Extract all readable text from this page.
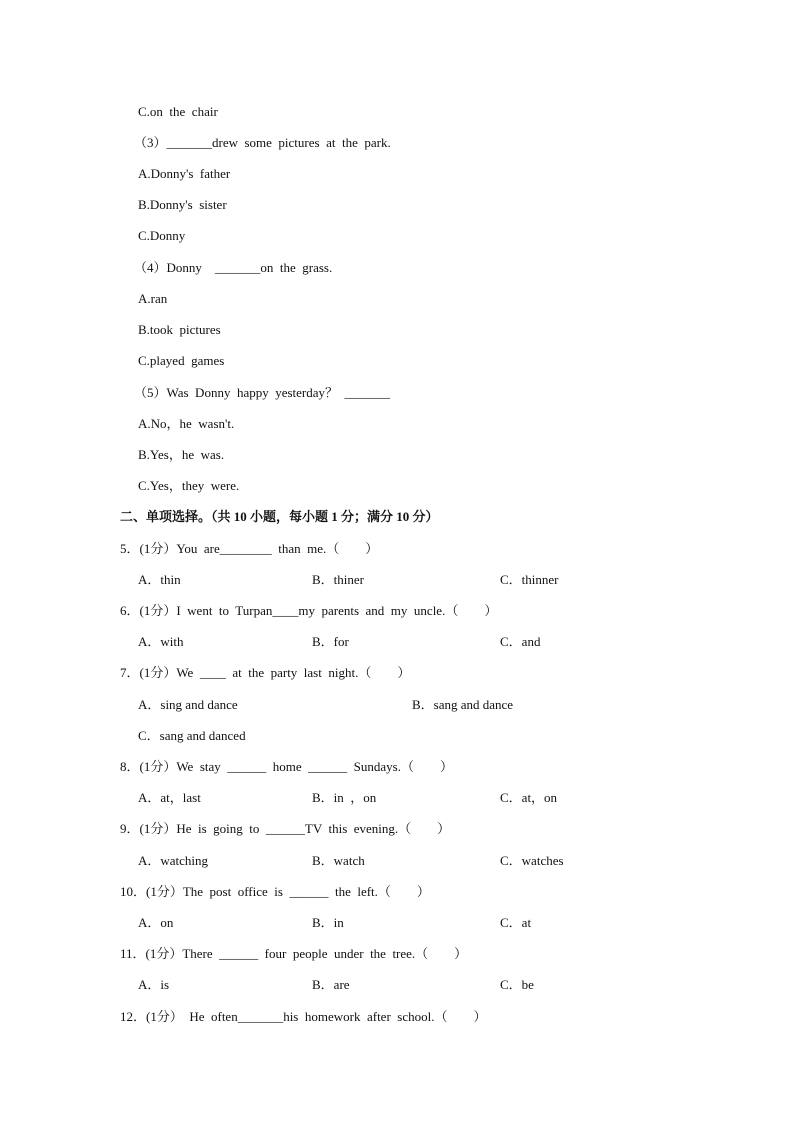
C.on  the  chair
（3）_______drew  some  pictures  at  the  park.
A.Donny's  father
B.Donny's  sister
C.Donny
（4）Donny    _______on  the  grass.
A.ran
B.took  pictures
C.played  games
（5）Was  Donny  happy  yesterday？  _______
A.No，he  wasn't.
B.Yes，he  was.
C.Yes，they  were.
二、单项选择。（共 10 小题，每小题 1 分；满分 10 分）
5．(1分）You  are________  than  me.（        ）
A．thin	B．thiner	C．thinner
6．(1分）I  went  to  Turpan____my  parents  and  my  uncle.（        ）
A．with	B．for	C．and
7．(1分）We  ____  at  the  party  last  night.（        ）
A．sing and dance	B．sang and dance
C．sang and danced
8．(1分）We  stay  ______  home  ______  Sundays.（        ）
A．at，last	B．in  ，on	C．at，on
9．(1分）He  is  going  to  ______TV  this  evening.（        ）
A．watching	B．watch	C．watches
10．(1分）The  post  office  is  ______  the  left.（        ）
A．on	B．in	C．at
11．(1分）There  ______  four  people  under  the  tree.（        ）
A．is	B．are	C．be
12．(1分）  He  often_______his  homework  after  school.（        ）
